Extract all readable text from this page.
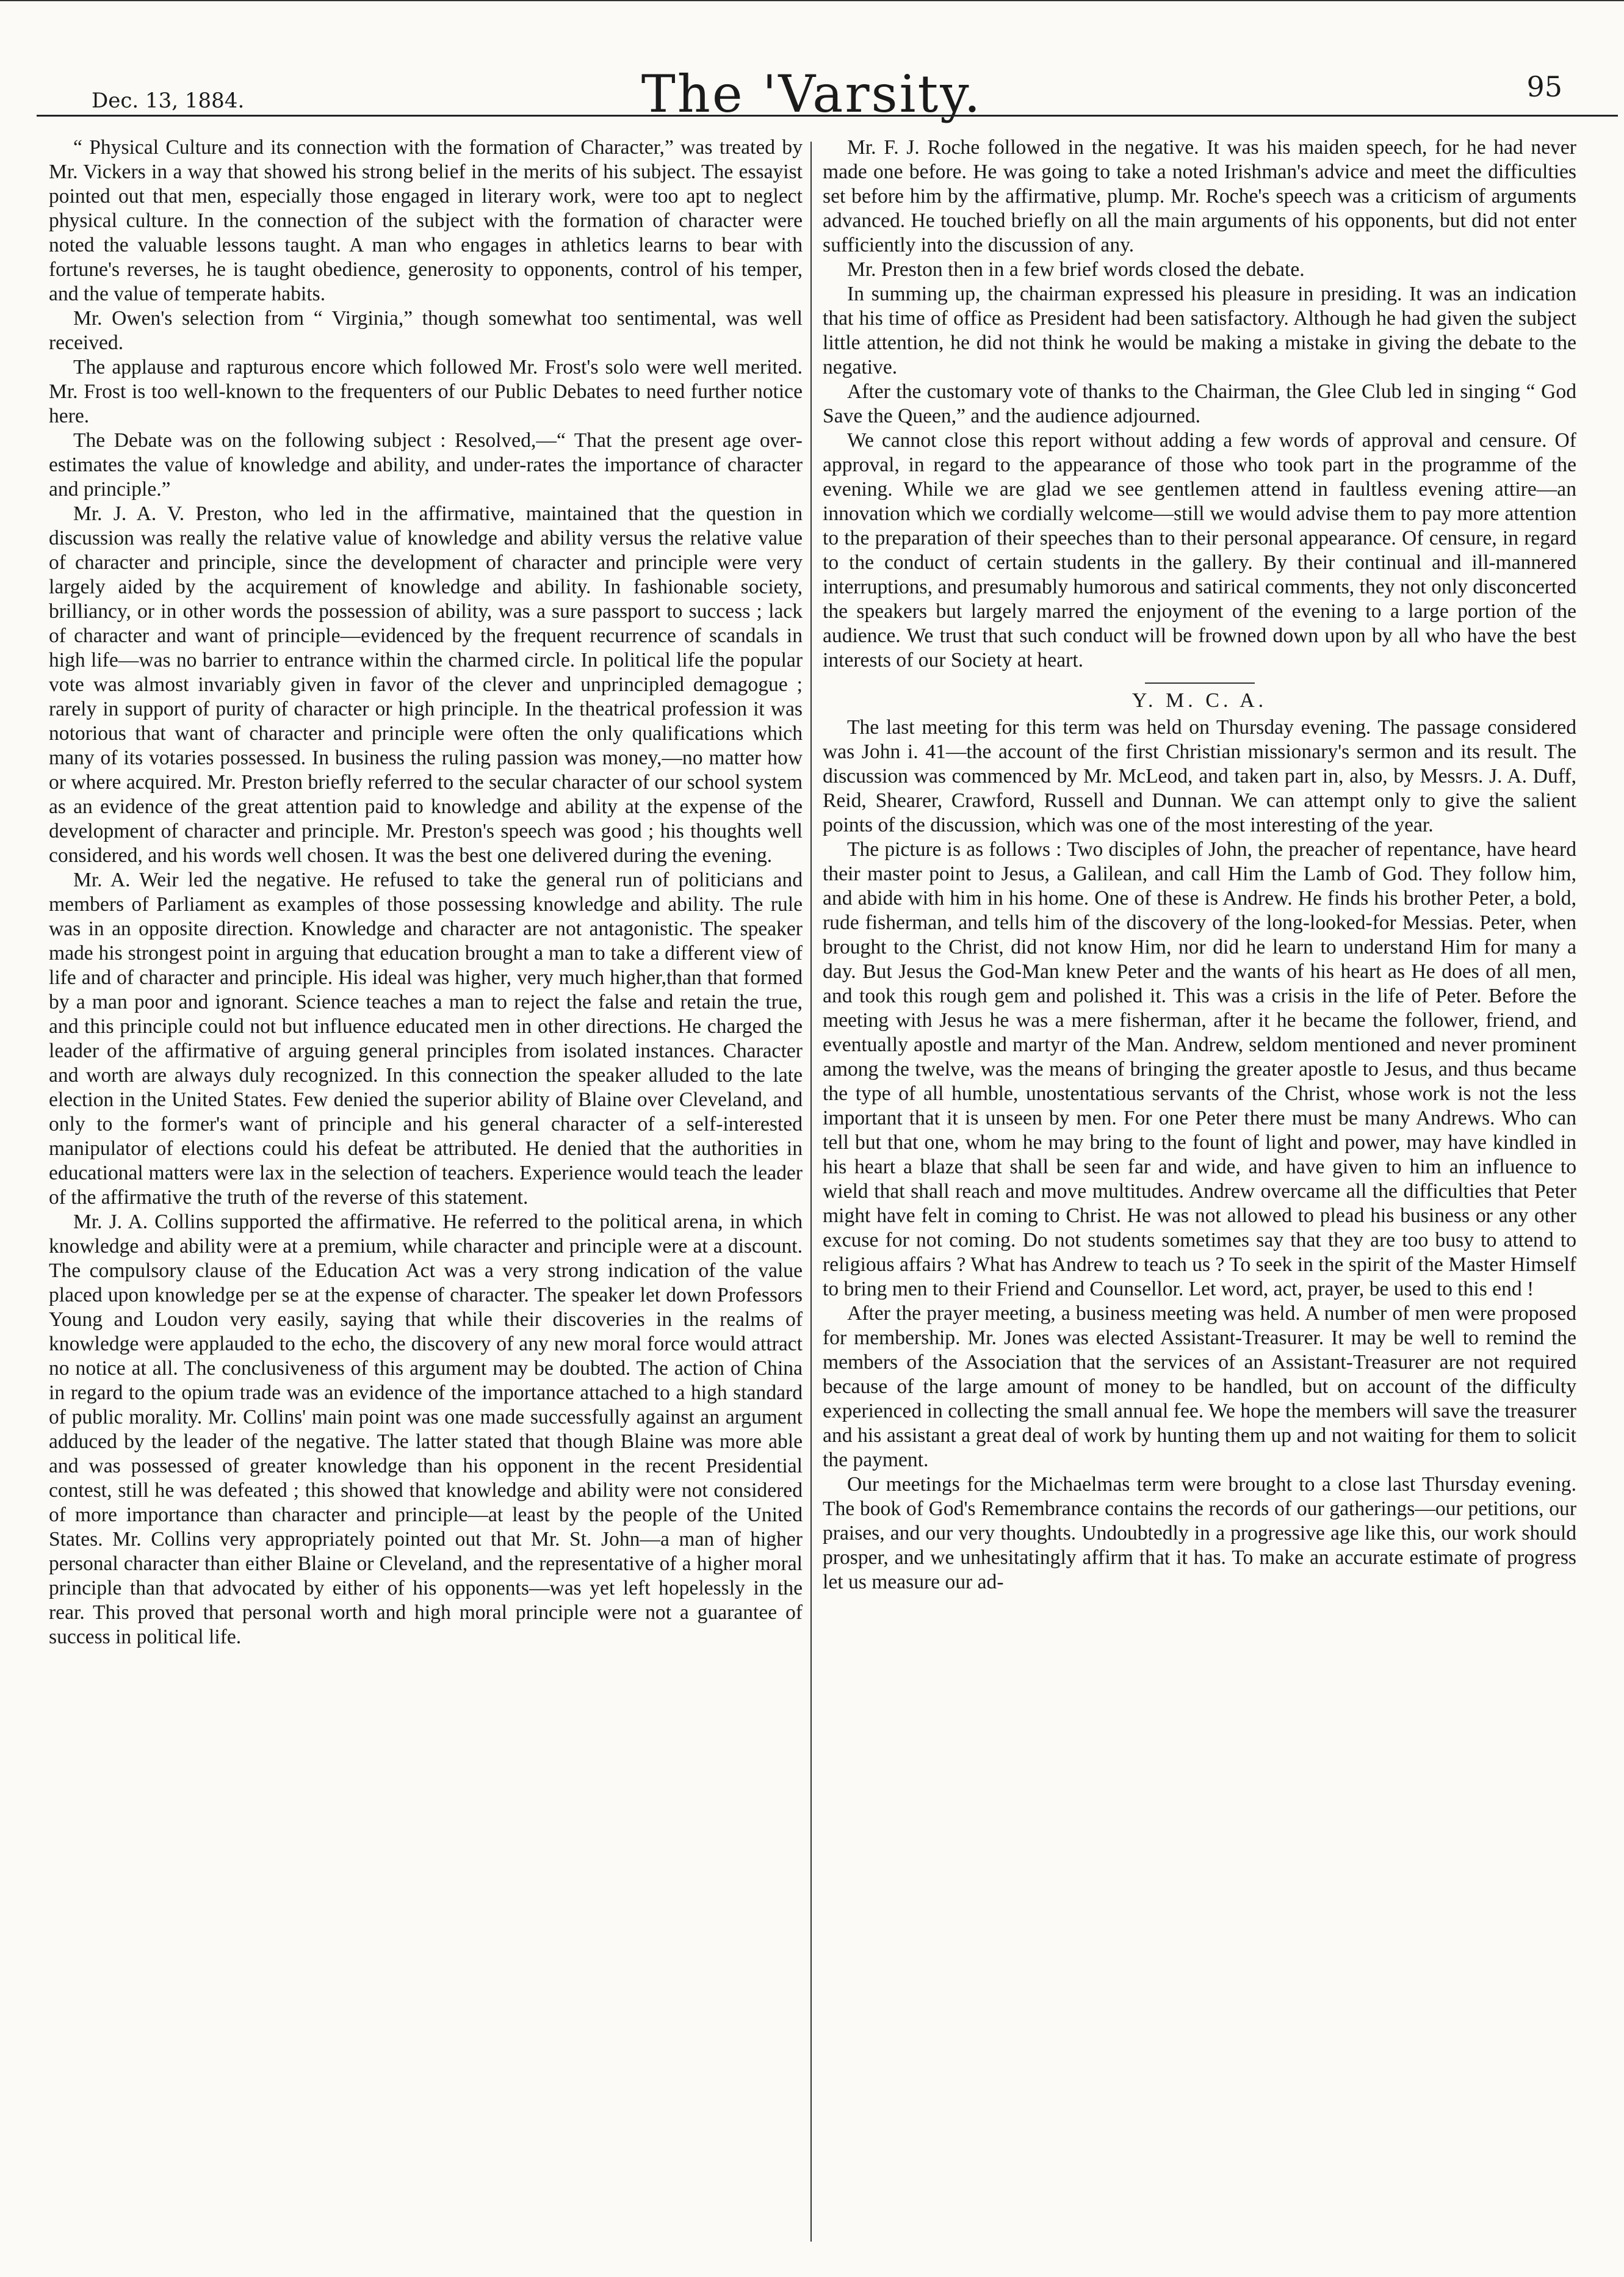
Dec. 13, 1884.	The 'Varsity.	95

“ Physical Culture and its connection with the formation of Character,” was treated by Mr. Vickers in a way that showed his strong belief in the merits of his subject. The essayist pointed out that men, especially those engaged in literary work, were too apt to neglect physical culture. In the connection of the subject with the formation of character were noted the valuable lessons taught. A man who engages in athletics learns to bear with fortune's reverses, he is taught obedience, generosity to opponents, control of his temper, and the value of temperate habits.

Mr. Owen's selection from “ Virginia,” though somewhat too sentimental, was well received.

The applause and rapturous encore which followed Mr. Frost's solo were well merited. Mr. Frost is too well-known to the frequenters of our Public Debates to need further notice here.

The Debate was on the following subject : Resolved,—“ That the present age over-estimates the value of knowledge and ability, and under-rates the importance of character and principle.”

Mr. J. A. V. Preston, who led in the affirmative, maintained that the question in discussion was really the relative value of knowledge and ability versus the relative value of character and principle, since the development of character and principle were very largely aided by the acquirement of knowledge and ability. In fashionable society, brilliancy, or in other words the possession of ability, was a sure passport to success ; lack of character and want of principle—evidenced by the frequent recurrence of scandals in high life—was no barrier to entrance within the charmed circle. In political life the popular vote was almost invariably given in favor of the clever and unprincipled demagogue ; rarely in support of purity of character or high principle. In the theatrical profession it was notorious that want of character and principle were often the only qualifications which many of its votaries possessed. In business the ruling passion was money,—no matter how or where acquired. Mr. Preston briefly referred to the secular character of our school system as an evidence of the great attention paid to knowledge and ability at the expense of the development of character and principle. Mr. Preston's speech was good ; his thoughts well considered, and his words well chosen. It was the best one delivered during the evening.

Mr. A. Weir led the negative. He refused to take the general run of politicians and members of Parliament as examples of those possessing knowledge and ability. The rule was in an opposite direction. Knowledge and character are not antagonistic. The speaker made his strongest point in arguing that education brought a man to take a different view of life and of character and principle. His ideal was higher, very much higher,than that formed by a man poor and ignorant. Science teaches a man to reject the false and retain the true, and this principle could not but influence educated men in other directions. He charged the leader of the affirmative of arguing general principles from isolated instances. Character and worth are always duly recognized. In this connection the speaker alluded to the late election in the United States. Few denied the superior ability of Blaine over Cleveland, and only to the former's want of principle and his general character of a self-interested manipulator of elections could his defeat be attributed. He denied that the authorities in educational matters were lax in the selection of teachers. Experience would teach the leader of the affirmative the truth of the reverse of this statement.

Mr. J. A. Collins supported the affirmative. He referred to the political arena, in which knowledge and ability were at a premium, while character and principle were at a discount. The compulsory clause of the Education Act was a very strong indication of the value placed upon knowledge per se at the expense of character. The speaker let down Professors Young and Loudon very easily, saying that while their discoveries in the realms of knowledge were applauded to the echo, the discovery of any new moral force would attract no notice at all. The conclusiveness of this argument may be doubted. The action of China in regard to the opium trade was an evidence of the importance attached to a high standard of public morality. Mr. Collins' main point was one made successfully against an argument adduced by the leader of the negative. The latter stated that though Blaine was more able and was possessed of greater knowledge than his opponent in the recent Presidential contest, still he was defeated ; this showed that knowledge and ability were not considered of more importance than character and principle—at least by the people of the United States. Mr. Collins very appropriately pointed out that Mr. St. John—a man of higher personal character than either Blaine or Cleveland, and the representative of a higher moral principle than that advocated by either of his opponents—was yet left hopelessly in the rear. This proved that personal worth and high moral principle were not a guarantee of success in political life.

Mr. F. J. Roche followed in the negative. It was his maiden speech, for he had never made one before. He was going to take a noted Irishman's advice and meet the difficulties set before him by the affirmative, plump. Mr. Roche's speech was a criticism of arguments advanced. He touched briefly on all the main arguments of his opponents, but did not enter sufficiently into the discussion of any.

Mr. Preston then in a few brief words closed the debate.

In summing up, the chairman expressed his pleasure in presiding. It was an indication that his time of office as President had been satisfactory. Although he had given the subject little attention, he did not think he would be making a mistake in giving the debate to the negative.

After the customary vote of thanks to the Chairman, the Glee Club led in singing “ God Save the Queen,” and the audience adjourned.

We cannot close this report without adding a few words of approval and censure. Of approval, in regard to the appearance of those who took part in the programme of the evening. While we are glad we see gentlemen attend in faultless evening attire—an innovation which we cordially welcome—still we would advise them to pay more attention to the preparation of their speeches than to their personal appearance. Of censure, in regard to the conduct of certain students in the gallery. By their continual and ill-mannered interruptions, and presumably humorous and satirical comments, they not only disconcerted the speakers but largely marred the enjoyment of the evening to a large portion of the audience. We trust that such conduct will be frowned down upon by all who have the best interests of our Society at heart.

Y. M. C. A.

The last meeting for this term was held on Thursday evening. The passage considered was John i. 41—the account of the first Christian missionary's sermon and its result. The discussion was commenced by Mr. McLeod, and taken part in, also, by Messrs. J. A. Duff, Reid, Shearer, Crawford, Russell and Dunnan. We can attempt only to give the salient points of the discussion, which was one of the most interesting of the year.

The picture is as follows : Two disciples of John, the preacher of repentance, have heard their master point to Jesus, a Galilean, and call Him the Lamb of God. They follow him, and abide with him in his home. One of these is Andrew. He finds his brother Peter, a bold, rude fisherman, and tells him of the discovery of the long-looked-for Messias. Peter, when brought to the Christ, did not know Him, nor did he learn to understand Him for many a day. But Jesus the God-Man knew Peter and the wants of his heart as He does of all men, and took this rough gem and polished it. This was a crisis in the life of Peter. Before the meeting with Jesus he was a mere fisherman, after it he became the follower, friend, and eventually apostle and martyr of the Man. Andrew, seldom mentioned and never prominent among the twelve, was the means of bringing the greater apostle to Jesus, and thus became the type of all humble, unostentatious servants of the Christ, whose work is not the less important that it is unseen by men. For one Peter there must be many Andrews. Who can tell but that one, whom he may bring to the fount of light and power, may have kindled in his heart a blaze that shall be seen far and wide, and have given to him an influence to wield that shall reach and move multitudes. Andrew overcame all the difficulties that Peter might have felt in coming to Christ. He was not allowed to plead his business or any other excuse for not coming. Do not students sometimes say that they are too busy to attend to religious affairs ? What has Andrew to teach us ? To seek in the spirit of the Master Himself to bring men to their Friend and Counsellor. Let word, act, prayer, be used to this end !

After the prayer meeting, a business meeting was held. A number of men were proposed for membership. Mr. Jones was elected Assistant-Treasurer. It may be well to remind the members of the Association that the services of an Assistant-Treasurer are not required because of the large amount of money to be handled, but on account of the difficulty experienced in collecting the small annual fee. We hope the members will save the treasurer and his assistant a great deal of work by hunting them up and not waiting for them to solicit the payment.

Our meetings for the Michaelmas term were brought to a close last Thursday evening. The book of God's Remembrance contains the records of our gatherings—our petitions, our praises, and our very thoughts. Undoubtedly in a progressive age like this, our work should prosper, and we unhesitatingly affirm that it has. To make an accurate estimate of progress let us measure our ad-
